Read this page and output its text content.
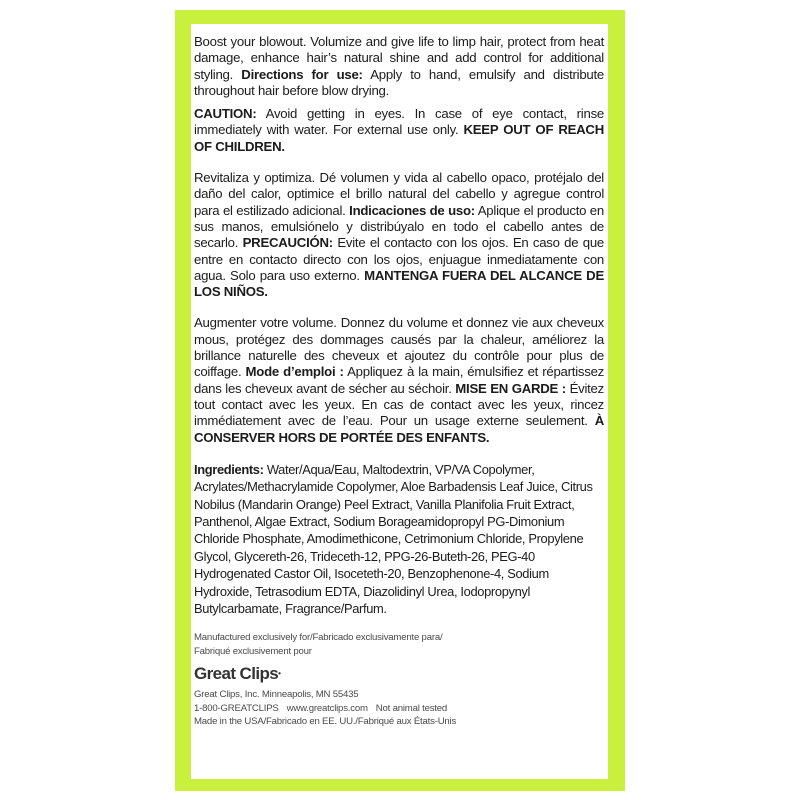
Boost your blowout. Volumize and give life to limp hair, protect from heat damage, enhance hair’s natural shine and add control for additional styling. Directions for use: Apply to hand, emulsify and distribute throughout hair before blow drying.

CAUTION: Avoid getting in eyes. In case of eye contact, rinse immediately with water. For external use only. KEEP OUT OF REACH OF CHILDREN.

Revitaliza y optimiza. Dé volumen y vida al cabello opaco, protéjalo del daño del calor, optimice el brillo natural del cabello y agregue control para el estilizado adicional. Indicaciones de uso: Aplique el producto en sus manos, emulsiónelo y distribúyalo en todo el cabello antes de secarlo. PRECAUCIÓN: Evite el contacto con los ojos. En caso de que entre en contacto directo con los ojos, enjuague inmediatamente con agua. Solo para uso externo. MANTENGA FUERA DEL ALCANCE DE LOS NIÑOS.

Augmenter votre volume. Donnez du volume et donnez vie aux cheveux mous, protégez des dommages causés par la chaleur, améliorez la brillance naturelle des cheveux et ajoutez du contrôle pour plus de coiffage. Mode d’emploi : Appliquez à la main, émulsifiez et répartissez dans les cheveux avant de sécher au séchoir. MISE EN GARDE : Évitez tout contact avec les yeux. En cas de contact avec les yeux, rincez immédiatement avec de l’eau. Pour un usage externe seulement. À CONSERVER HORS DE PORTÉE DES ENFANTS.

Ingredients: Water/Aqua/Eau, Maltodextrin, VP/VA Copolymer, Acrylates/Methacrylamide Copolymer, Aloe Barbadensis Leaf Juice, Citrus Nobilus (Mandarin Orange) Peel Extract, Vanilla Planifolia Fruit Extract, Panthenol, Algae Extract, Sodium Borageamidopropyl PG-Dimonium Chloride Phosphate, Amodimethicone, Cetrimonium Chloride, Propylene Glycol, Glycereth-26, Trideceth-12, PPG-26-Buteth-26, PEG-40 Hydrogenated Castor Oil, Isoceteth-20, Benzophenone-4, Sodium Hydroxide, Tetrasodium EDTA, Diazolidinyl Urea, Iodopropynyl Butylcarbamate, Fragrance/Parfum.

Manufactured exclusively for/Fabricado exclusivamente para/
Fabriqué exclusivement pour
Great Clips•
Great Clips, Inc. Minneapolis, MN 55435
1-800-GREATCLIPS www.greatclips.com Not animal tested
Made in the USA/Fabricado en EE. UU./Fabriqué aux États-Unis
